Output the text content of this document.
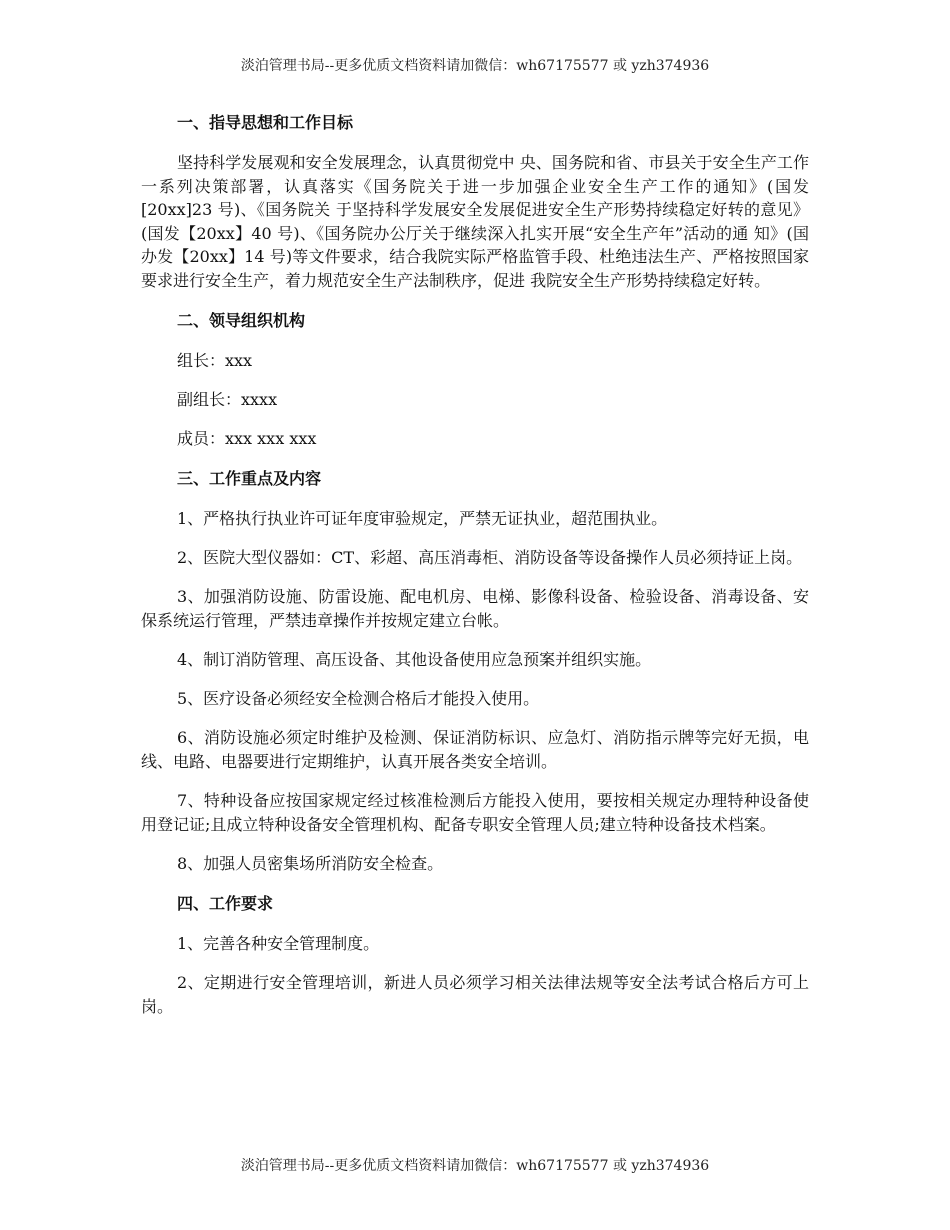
淡泊管理书局--更多优质文档资料请加微信：wh67175577 或 yzh374936
一、指导思想和工作目标
坚持科学发展观和安全发展理念，认真贯彻党中 央、国务院和省、市县关于安全生产工作一系列决策部署，认真落实《国务院关于进一步加强企业安全生产工作的通知》(国发[20xx]23 号)、《国务院关 于坚持科学发展安全发展促进安全生产形势持续稳定好转的意见》(国发【20xx】40 号)、《国务院办公厅关于继续深入扎实开展“安全生产年”活动的通 知》(国办发【20xx】14 号)等文件要求，结合我院实际严格监管手段、杜绝违法生产、严格按照国家要求进行安全生产，着力规范安全生产法制秩序，促进 我院安全生产形势持续稳定好转。
二、领导组织机构
组长：xxx
副组长：xxxx
成员：xxx xxx xxx
三、工作重点及内容
1、严格执行执业许可证年度审验规定，严禁无证执业，超范围执业。
2、医院大型仪器如：CT、彩超、高压消毒柜、消防设备等设备操作人员必须持证上岗。
3、加强消防设施、防雷设施、配电机房、电梯、影像科设备、检验设备、消毒设备、安保系统运行管理，严禁违章操作并按规定建立台帐。
4、制订消防管理、高压设备、其他设备使用应急预案并组织实施。
5、医疗设备必须经安全检测合格后才能投入使用。
6、消防设施必须定时维护及检测、保证消防标识、应急灯、消防指示牌等完好无损，电线、电路、电器要进行定期维护，认真开展各类安全培训。
7、特种设备应按国家规定经过核准检测后方能投入使用，要按相关规定办理特种设备使用登记证;且成立特种设备安全管理机构、配备专职安全管理人员;建立特种设备技术档案。
8、加强人员密集场所消防安全检查。
四、工作要求
1、完善各种安全管理制度。
2、定期进行安全管理培训，新进人员必须学习相关法律法规等安全法考试合格后方可上岗。
淡泊管理书局--更多优质文档资料请加微信：wh67175577 或 yzh374936
